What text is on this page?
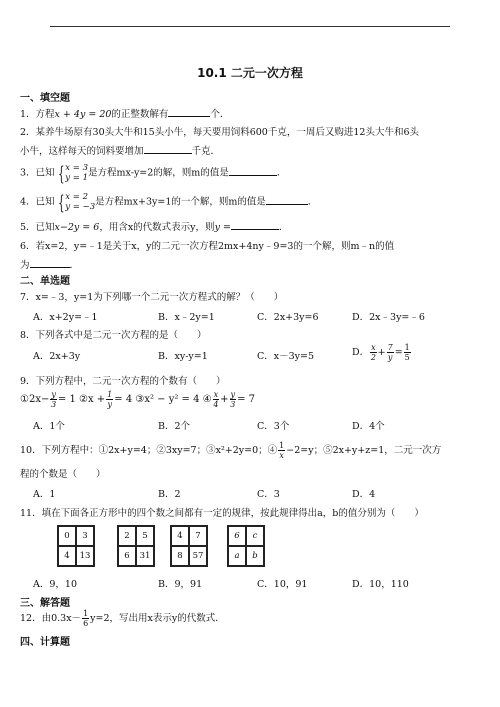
10.1 二元一次方程
一、填空题
1．方程x + 4y = 20的正整数解有	个．
2．某养牛场原有30头大牛和15头小牛，每天要用饲料600千克，一周后又购进12头大牛和6头
小牛，这样每天的饲料要增加	千克．
3．已知 { x = 3
y = 1 是方程mx-y=2的解，则m的值是	．
4．已知 { x = 2
y = −3 是方程mx+3y=1的一个解，则m的值是	．
5．已知x−2y = 6，用含x的代数式表示y，则y =	．
6．若x=2，y=﹣1是关于x，y的二元一次方程2mx+4ny﹣9=3的一个解，则m﹣n的值
为	．
二、单选题
7．x=﹣3，y=1为下列哪一个二元一次方程式的解？（　　）
A．x+2y=﹣1	B．x﹣2y=1	C．2x+3y=6	D．2x﹣3y=﹣6
8．下列各式中是二元一次方程的是（　　）
A．2x+3y	B．xy-y=1	C．x－3y=5	D． $\frac{x}{2} + \frac{7}{y} = \frac{1}{5}$
9．下列方程中，二元一次方程的个数有（　　）
①2x− $\frac{y}{3} = 1$ ②x + $\frac{1}{y} = 4$ ③x² − y² = 4 ④ $\frac{x}{4} + \frac{y}{3} = 7$
A．1个	B．2个	C．3个	D．4个
10．下列方程中：①2x+y=4；②3xy=7；③x²+2y=0；④ $\frac{1}{x} -2=y$；⑤2x+y+z=1，二元一次方
程的个数是（　　）
A．1	B．2	C．3	D．4
11．填在下面各正方形中的四个数之间都有一定的规律，按此规律得出a，b的值分别为（　　）
0	3
4	13
2	5
6	31
4	7
8	57
6	c
a	b
A．9，10	B．9，91	C．10，91	D．10，110
三、解答题
12．由$0.3x- \frac{1}{6} y=2$，写出用x表示y的代数式．
四、计算题
